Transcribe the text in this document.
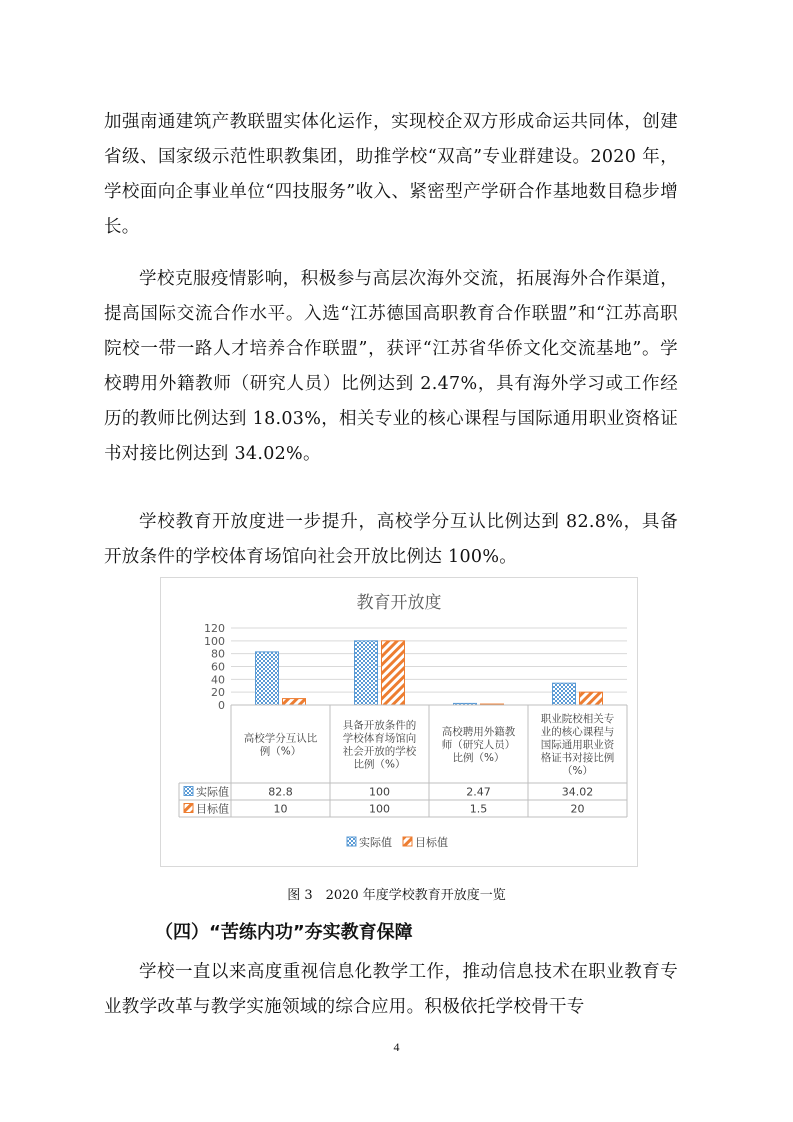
加强南通建筑产教联盟实体化运作，实现校企双方形成命运共同体，创建省级、国家级示范性职教集团，助推学校“双高”专业群建设。2020 年，学校面向企事业单位“四技服务”收入、紧密型产学研合作基地数目稳步增长。

学校克服疫情影响，积极参与高层次海外交流，拓展海外合作渠道，提高国际交流合作水平。入选“江苏德国高职教育合作联盟”和“江苏高职院校一带一路人才培养合作联盟”，获评“江苏省华侨文化交流基地”。学校聘用外籍教师（研究人员）比例达到 2.47%，具有海外学习或工作经历的教师比例达到 18.03%，相关专业的核心课程与国际通用职业资格证书对接比例达到 34.02%。

学校教育开放度进一步提升，高校学分互认比例达到 82.8%，具备开放条件的学校体育场馆向社会开放比例达 100%。

教育开放度
0
20
40
60
80
100
120
高校学分互认比
例（%）
具备开放条件的
学校体育场馆向
社会开放的学校
比例（%）
高校聘用外籍教
师（研究人员）
比例（%）
职业院校相关专
业的核心课程与
国际通用职业资
格证书对接比例
（%）
实际值	82.8	100	2.47	34.02
目标值	10	100	1.5	20
实际值 目标值
图 3　2020 年度学校教育开放度一览
（四）“苦练内功”夯实教育保障

学校一直以来高度重视信息化教学工作，推动信息技术在职业教育专业教学改革与教学实施领域的综合应用。积极依托学校骨干专

4
